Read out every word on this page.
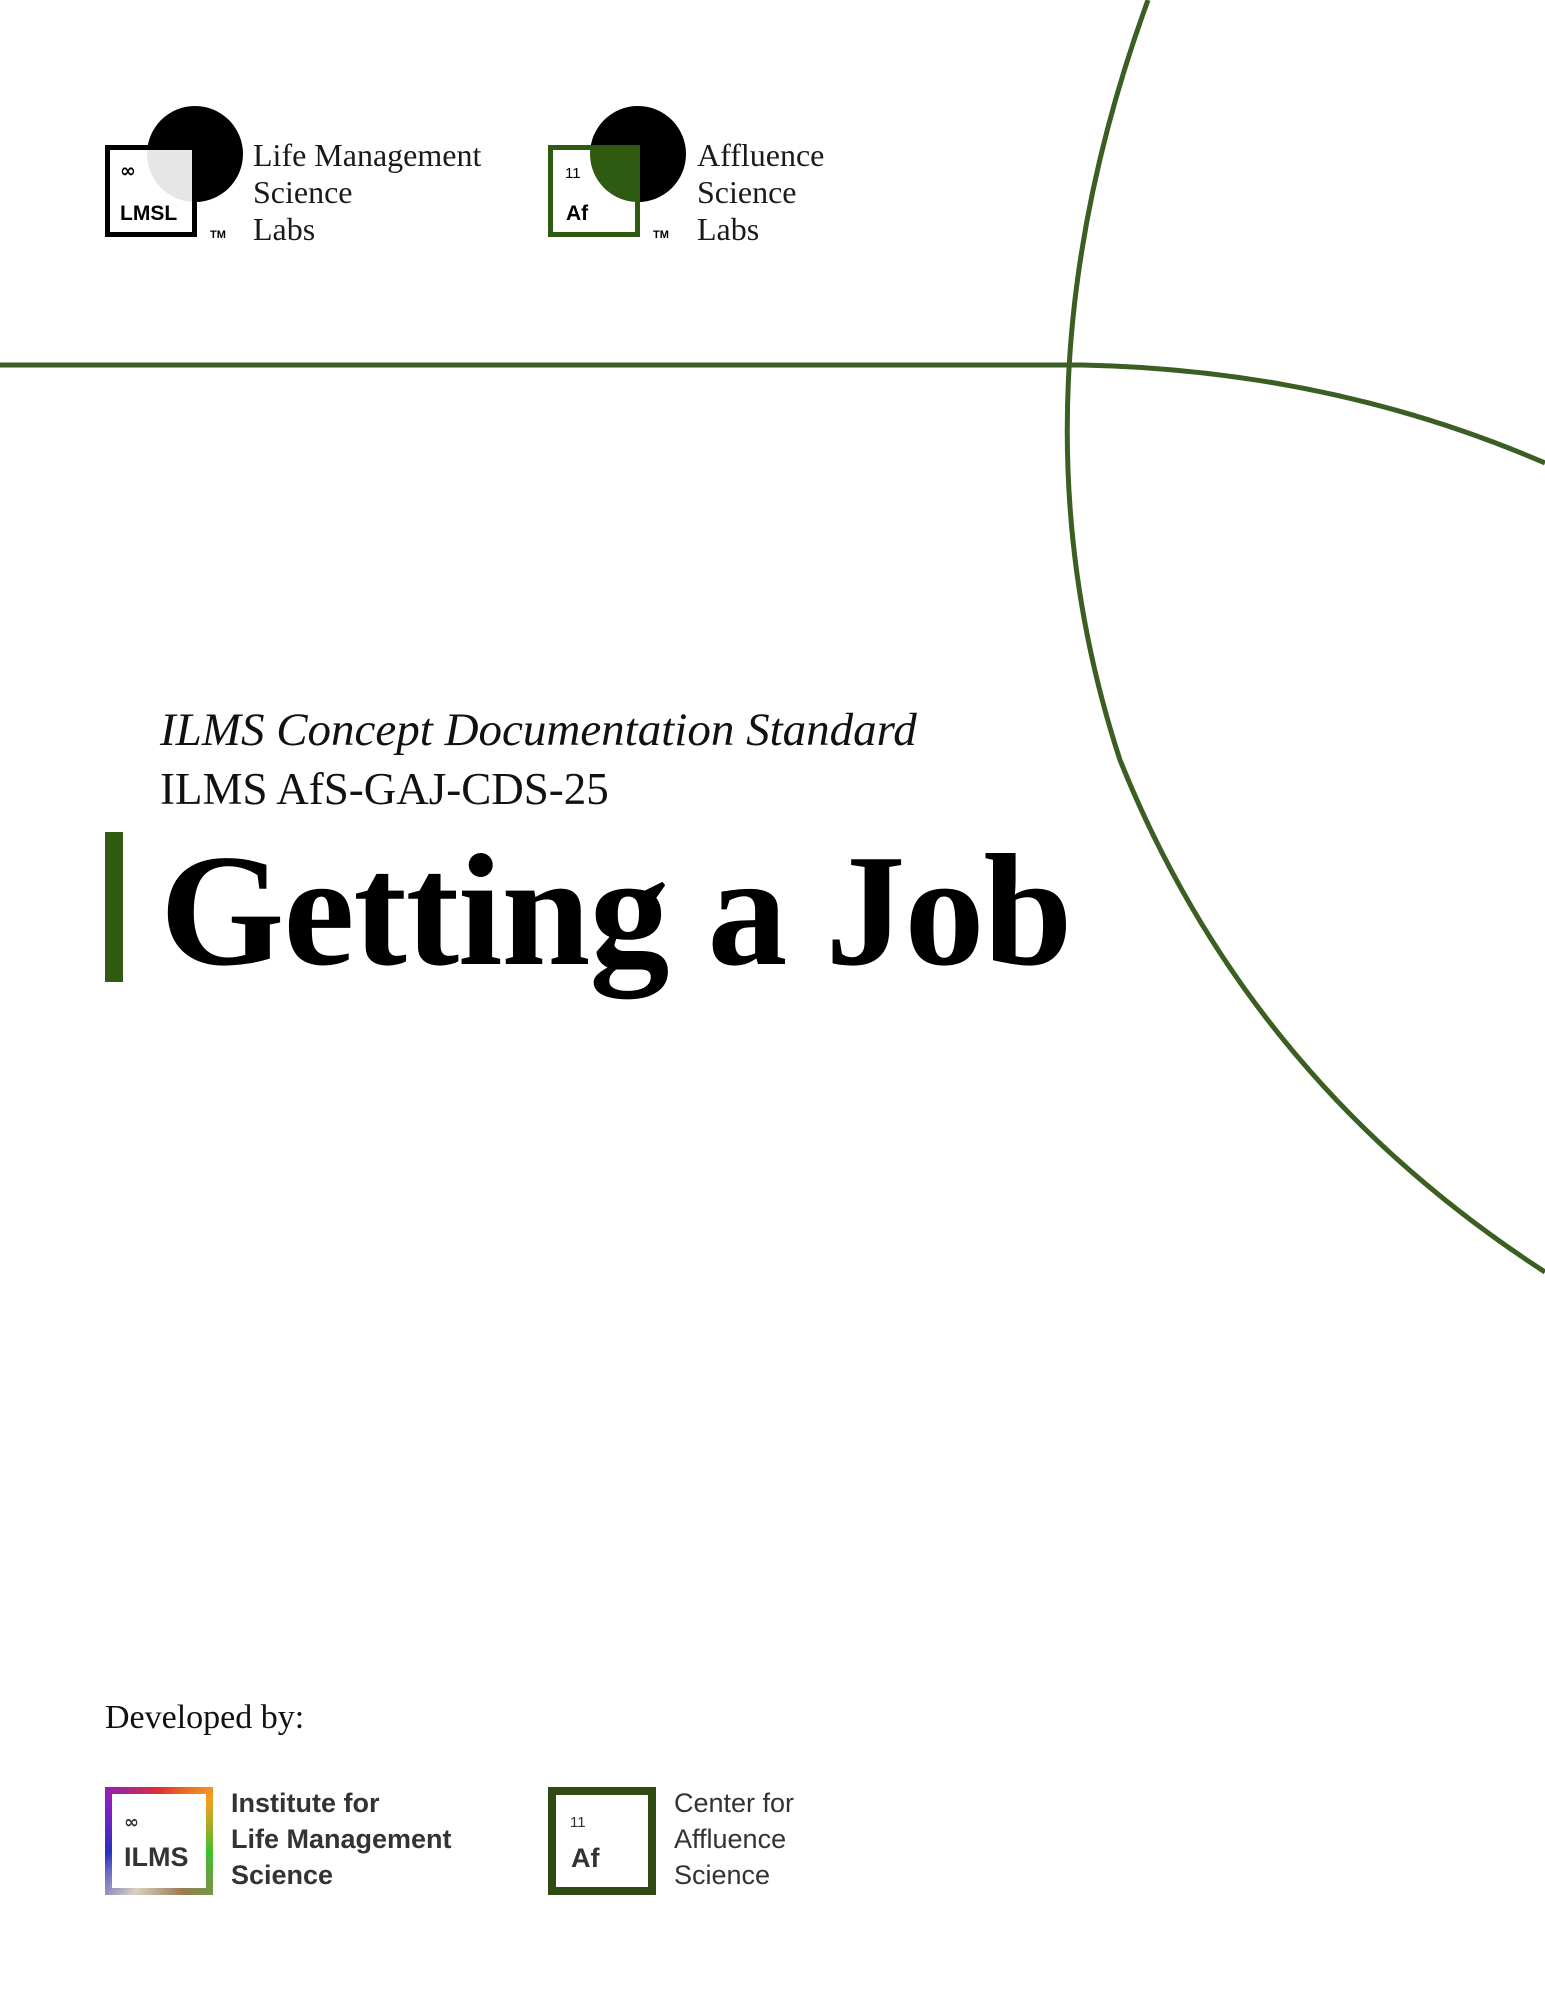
∞
LMSL
TM
Life Management
Science
Labs
11
Af
TM
Affluence
Science
Labs
ILMS Concept Documentation Standard
ILMS AfS-GAJ-CDS-25
Getting a Job
Developed by:
∞
ILMS
Institute for
Life Management
Science
11
Af
Center for
Affluence
Science
